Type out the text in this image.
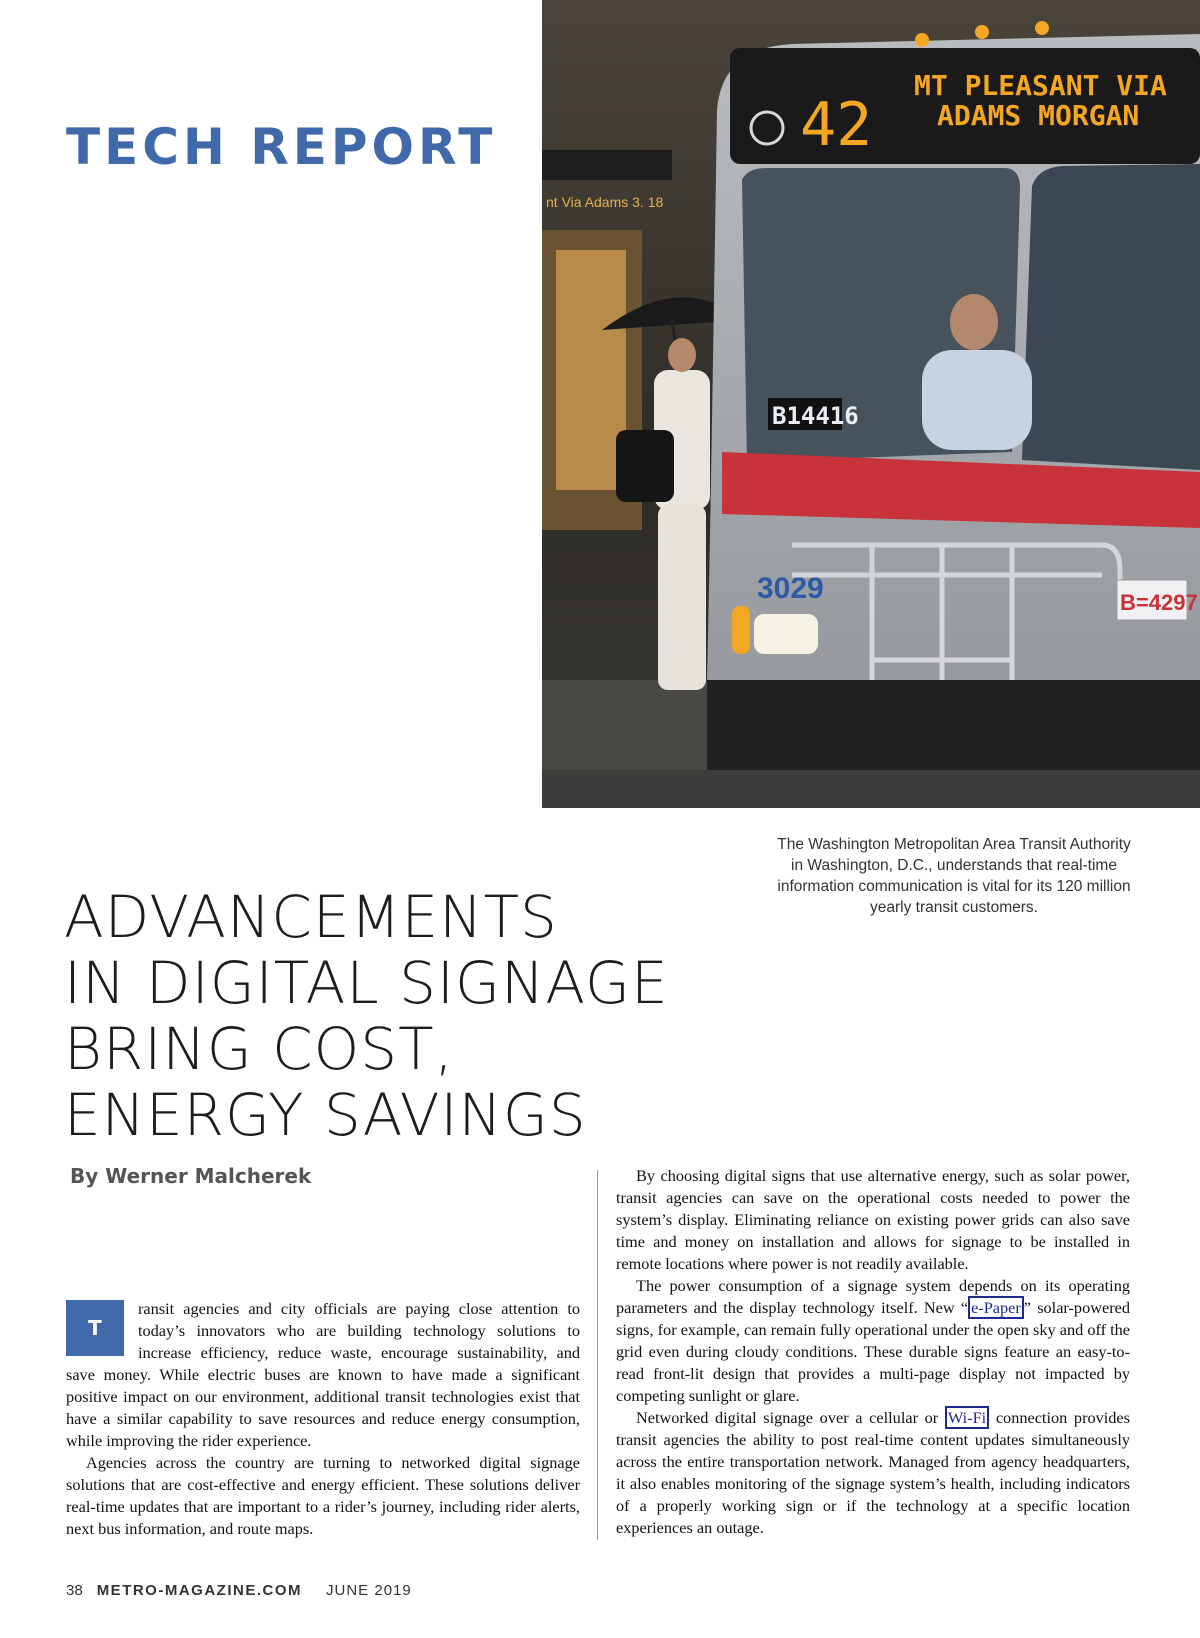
TECH REPORT
nt Via Adams 3. 18
42
MT PLEASANT VIA
ADAMS MORGAN
B14416
3029	B=4297

The Washington Metropolitan Area Transit Authority in Washington, D.C., understands that real-time information communication is vital for its 120 million yearly transit customers.

ADVANCEMENTS
IN DIGITAL SIGNAGE
BRING COST,
ENERGY SAVINGS

By Werner Malcherek

T
ransit agencies and city officials are paying close attention to today’s innovators who are building technology solutions to increase efficiency, reduce waste, encourage sustainability, and save money. While electric buses are known to have made a significant positive impact on our environment, additional transit technologies exist that have a similar capability to save resources and reduce energy consumption, while improving the rider experience.

Agencies across the country are turning to networked digital signage solutions that are cost-effective and energy efficient. These solutions deliver real-time updates that are important to a rider’s journey, including rider alerts, next bus information, and route maps.

By choosing digital signs that use alternative energy, such as solar power, transit agencies can save on the operational costs needed to power the system’s display. Eliminating reliance on existing power grids can also save time and money on installation and allows for signage to be installed in remote locations where power is not readily available.

The power consumption of a signage system depends on its operating parameters and the display technology itself. New “ e-Paper ” solar-powered signs, for example, can remain fully operational under the open sky and off the grid even during cloudy conditions. These durable signs feature an easy-to-read front-lit design that provides a multi-page display not impacted by competing sunlight or glare.

Networked digital signage over a cellular or Wi-Fi connection provides transit agencies the ability to post real-time content updates simultaneously across the entire transportation network. Managed from agency headquarters, it also enables monitoring of the signage system’s health, including indicators of a properly working sign or if the technology at a specific location experiences an outage.

38 METRO-MAGAZINE.COM JUNE 2019
